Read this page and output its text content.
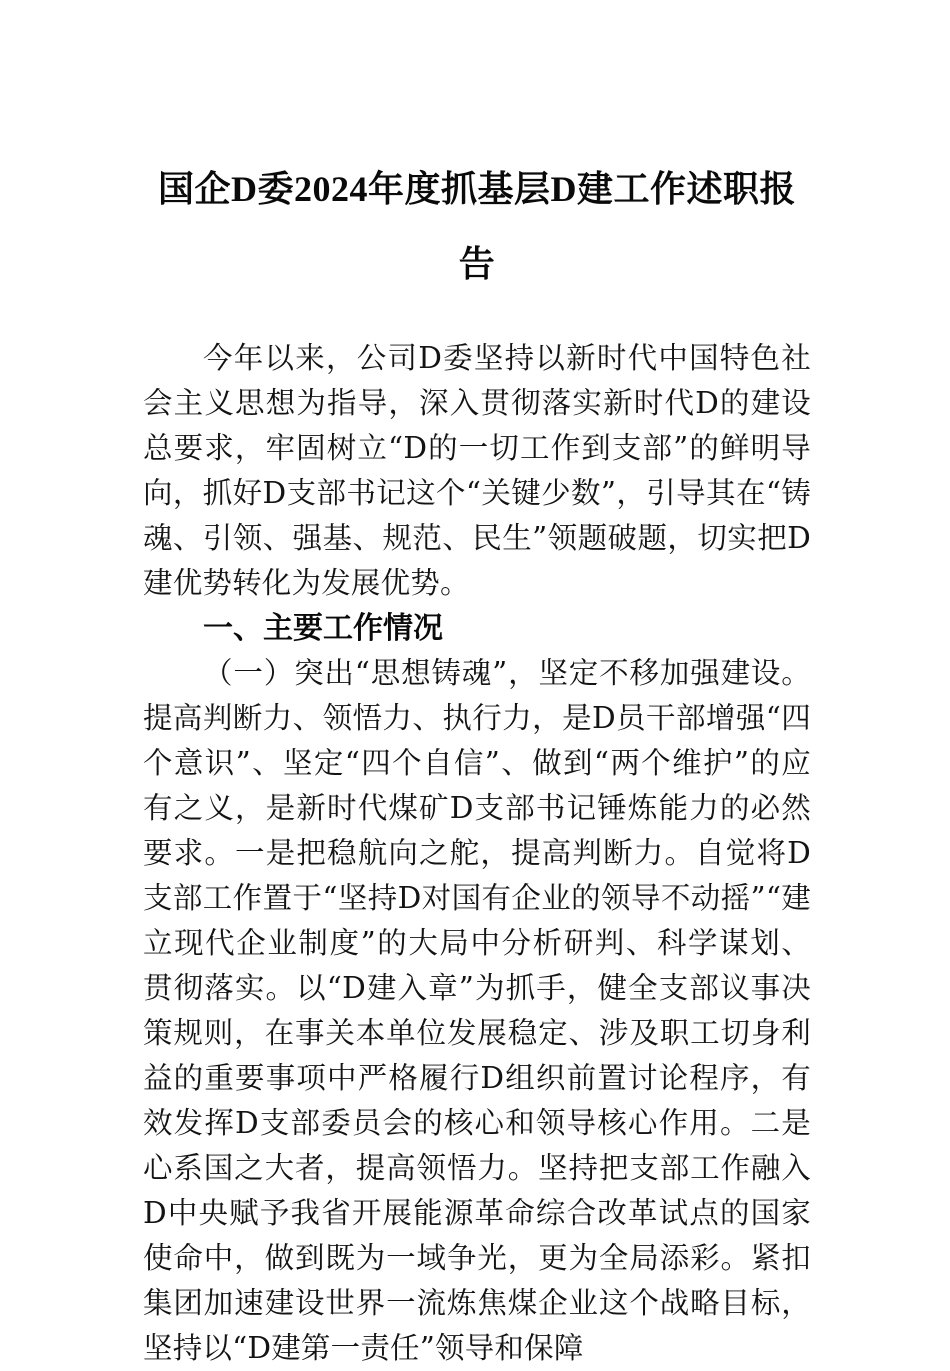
国企D委2024年度抓基层D建工作述职报告

今年以来，公司D委坚持以新时代中国特色社会主义思想为指导，深入贯彻落实新时代D的建设总要求，牢固树立“D的一切工作到支部”的鲜明导向，抓好D支部书记这个“关键少数”，引导其在“铸魂、引领、强基、规范、民生”领题破题，切实把D建优势转化为发展优势。

一、主要工作情况

（一）突出“思想铸魂”，坚定不移加强建设。提高判断力、领悟力、执行力，是D员干部增强“四个意识”、坚定“四个自信”、做到“两个维护”的应有之义，是新时代煤矿D支部书记锤炼能力的必然要求。一是把稳航向之舵，提高判断力。自觉将D支部工作置于“坚持D对国有企业的领导不动摇”“建立现代企业制度”的大局中分析研判、科学谋划、贯彻落实。以“D建入章”为抓手，健全支部议事决策规则，在事关本单位发展稳定、涉及职工切身利益的重要事项中严格履行D组织前置讨论程序，有效发挥D支部委员会的核心和领导核心作用。二是心系国之大者，提高领悟力。坚持把支部工作融入D中央赋予我省开展能源革命综合改革试点的国家使命中，做到既为一域争光，更为全局添彩。紧扣集团加速建设世界一流炼焦煤企业这个战略目标，坚持以“D建第一责任”领导和保障
